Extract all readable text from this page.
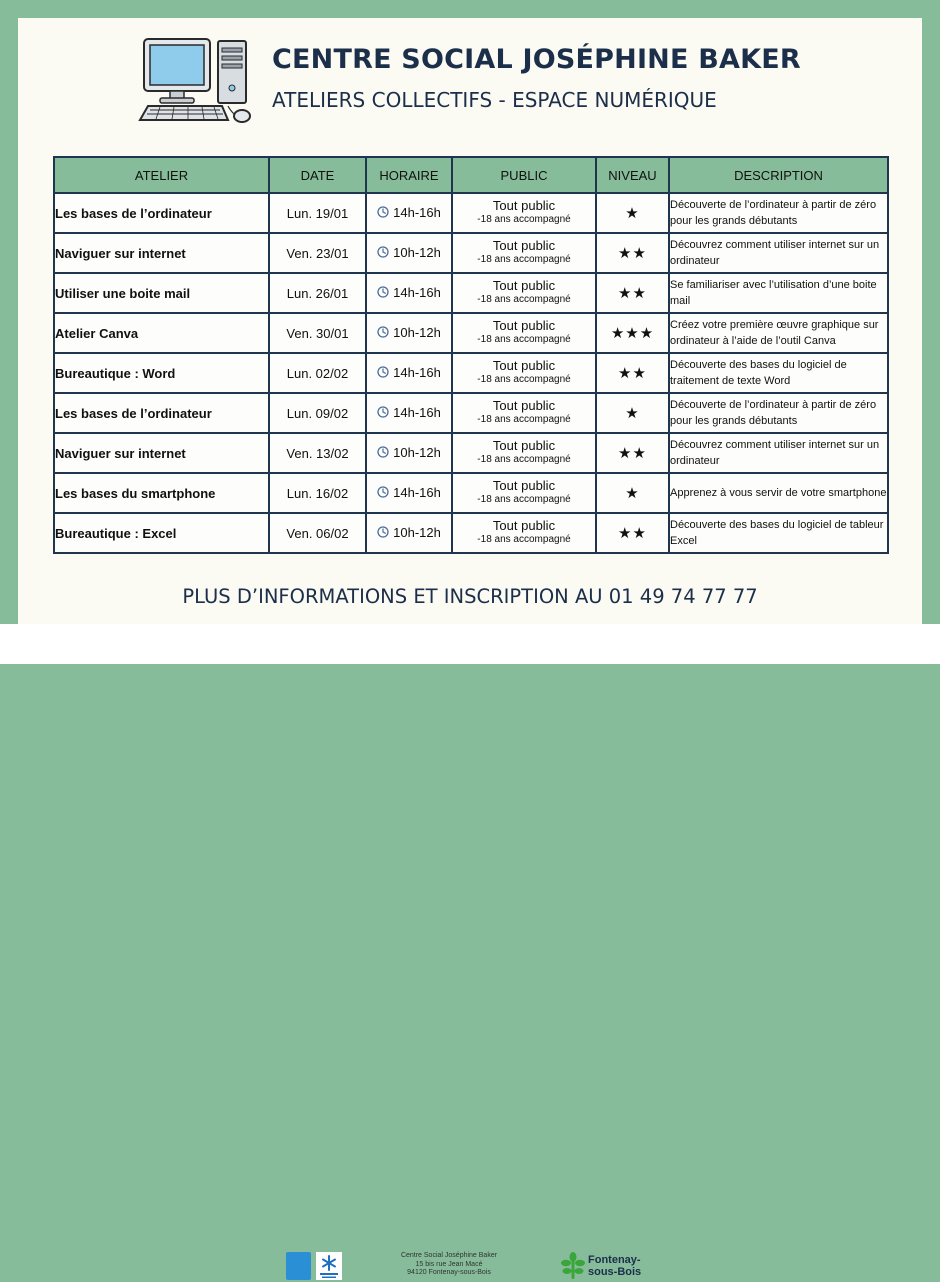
CENTRE SOCIAL JOSÉPHINE BAKER
ATELIERS COLLECTIFS - ESPACE NUMÉRIQUE
ATELIER	DATE	HORAIRE	PUBLIC	NIVEAU	DESCRIPTION
Les bases de l’ordinateur	Lun. 19/01	14h-16h	Tout public
-18 ans accompagné	★	Découverte de l’ordinateur à partir de zéro pour les grands débutants
Naviguer sur internet	Ven. 23/01	10h-12h	Tout public
-18 ans accompagné	★★	Découvrez comment utiliser internet sur un ordinateur
Utiliser une boite mail	Lun. 26/01	14h-16h	Tout public
-18 ans accompagné	★★	Se familiariser avec l’utilisation d’une boite mail
Atelier Canva	Ven. 30/01	10h-12h	Tout public
-18 ans accompagné	★★★	Créez votre première œuvre graphique sur ordinateur à l’aide de l’outil Canva
Bureautique : Word	Lun. 02/02	14h-16h	Tout public
-18 ans accompagné	★★	Découverte des bases du logiciel de traitement de texte Word
Les bases de l’ordinateur	Lun. 09/02	14h-16h	Tout public
-18 ans accompagné	★	Découverte de l’ordinateur à partir de zéro pour les grands débutants
Naviguer sur internet	Ven. 13/02	10h-12h	Tout public
-18 ans accompagné	★★	Découvrez comment utiliser internet sur un ordinateur
Les bases du smartphone	Lun. 16/02	14h-16h	Tout public
-18 ans accompagné	★	Apprenez à vous servir de votre smartphone
Bureautique : Excel	Ven. 06/02	10h-12h	Tout public
-18 ans accompagné	★★	Découverte des bases du logiciel de tableur Excel
PLUS D’INFORMATIONS ET INSCRIPTION AU 01 49 74 77 77
Centre Social Joséphine Baker
15 bis rue Jean Macé
94120 Fontenay-sous-Bois
Fontenay-
sous-Bois
